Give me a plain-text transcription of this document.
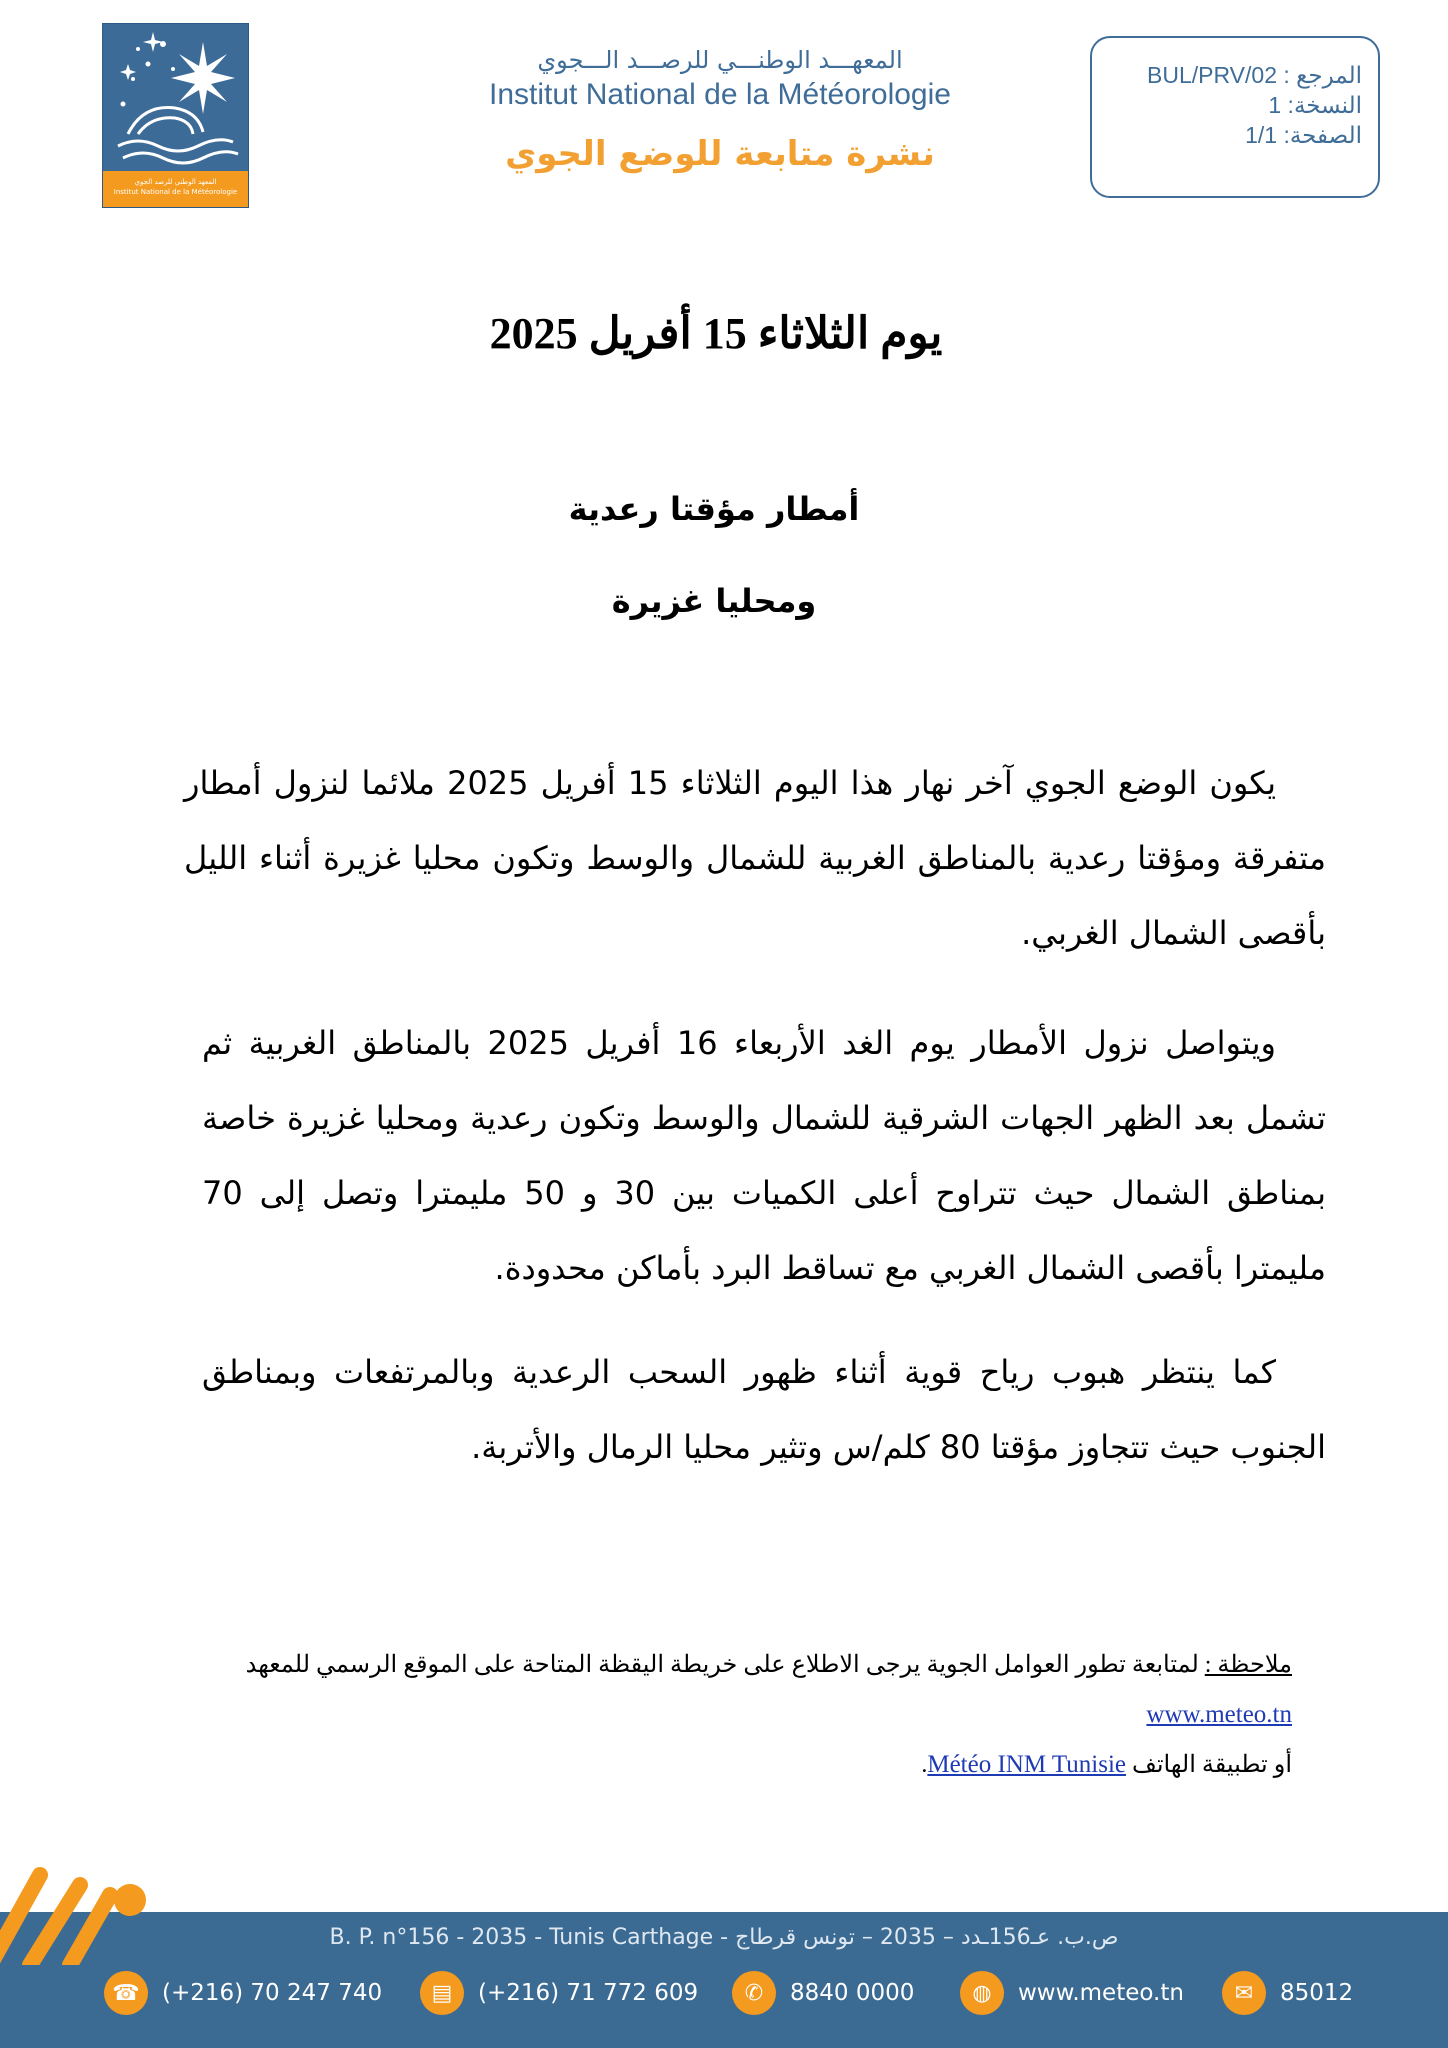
المعهد الوطني للرصد الجوي
Institut National de la Météorologie
المعهـــد الوطنـــي للرصـــد الـــجوي
Institut National de la Météorologie
نشرة متابعة للوضع الجوي
المرجع : BUL/PRV/02
النسخة: 1
الصفحة: 1/1
يوم الثلاثاء 15 أفريل 2025
أمطار مؤقتا رعدية
ومحليا غزيرة
يكون الوضع الجوي آخر نهار هذا اليوم الثلاثاء 15 أفريل 2025 ملائما لنزول أمطار متفرقة ومؤقتا رعدية بالمناطق الغربية للشمال والوسط وتكون محليا غزيرة أثناء الليل بأقصى الشمال الغربي.
ويتواصل نزول الأمطار يوم الغد الأربعاء 16 أفريل 2025 بالمناطق الغربية ثم تشمل بعد الظهر الجهات الشرقية للشمال والوسط وتكون رعدية ومحليا غزيرة خاصة بمناطق الشمال حيث تتراوح أعلى الكميات بين 30 و 50 مليمترا وتصل إلى 70 مليمترا بأقصى الشمال الغربي مع تساقط البرد بأماكن محدودة.
كما ينتظر هبوب رياح قوية أثناء ظهور السحب الرعدية وبالمرتفعات وبمناطق الجنوب حيث تتجاوز مؤقتا 80 كلم/س وتثير محليا الرمال والأتربة.
ملاحظة : لمتابعة تطور العوامل الجوية يرجى الاطلاع على خريطة اليقظة المتاحة على الموقع الرسمي للمعهد www.meteo.tn
أو تطبيقة الهاتف Météo INM Tunisie.
B. P. n°156 - 2035 - Tunis Carthage - ص.ب. عـ156ـدد – 2035 – تونس قرطاج
☎ (+216) 70 247 740	▤	(+216) 71 772 609	✆	8840 0000	◍	www.meteo.tn	✉	85012
